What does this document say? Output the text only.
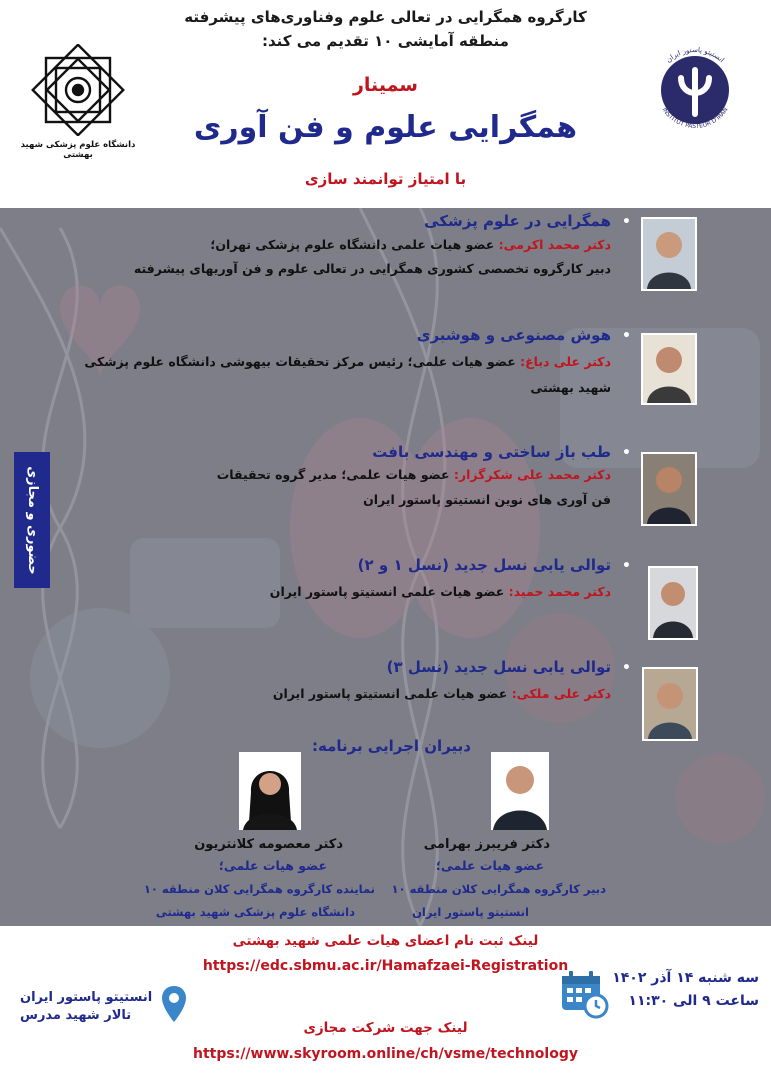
کارگروه همگرایی در تعالی علوم وفناوری‌های پیشرفته
منطقه آمایشی ۱۰ تقدیم می کند:
سمینار
همگرایی علوم و فن آوری
با امتیاز توانمند سازی
دانشگاه علوم پزشکی شهید بهشتی
انستیتو پاستور ایران
INSTITUT PASTEUR D'IRAN
حضوری و مجازی
•
همگرایی در علوم پزشکی
دکتر محمد اکرمی: عضو هیات علمی دانشگاه علوم پزشکی تهران؛
دبیر کارگروه تخصصی کشوری همگرایی در تعالی علوم و فن آوریهای پیشرفته
•
هوش مصنوعی و هوشبری
دکتر علی دباغ: عضو هیات علمی؛ رئیس مرکز تحقیقات بیهوشی دانشگاه علوم پزشکی
شهید بهشتی
•
طب باز ساختی و مهندسی بافت
دکتر محمد علی شکرگزار: عضو هیات علمی؛ مدیر گروه تحقیقات
فن آوری های نوین انستیتو پاستور ایران
•
توالی یابی نسل جدید (نسل ۱ و ۲)
دکتر محمد حمید: عضو هیات علمی انستیتو پاستور ایران
•
توالی یابی نسل جدید (نسل ۳)
دکتر علی ملکی: عضو هیات علمی انستیتو پاستور ایران
دبیران اجرایی برنامه:
دکتر فریبرز بهرامی
عضو هیات علمی؛
دبیر کارگروه همگرایی کلان منطقه ۱۰
انستیتو پاستور ایران
دکتر معصومه کلانتریون
عضو هیات علمی؛
نماینده کارگروه همگرایی کلان منطقه ۱۰
دانشگاه علوم پزشکی شهید بهشتی
لینک ثبت نام اعضای هیات علمی شهید بهشتی
https://edc.sbmu.ac.ir/Hamafzaei-Registration
سه شنبه ۱۴ آذر ۱۴۰۲
ساعت ۹ الی ۱۱:۳۰
انستیتو پاستور ایران
تالار شهید مدرس
لینک جهت شرکت مجازی
https://www.skyroom.online/ch/vsme/technology
